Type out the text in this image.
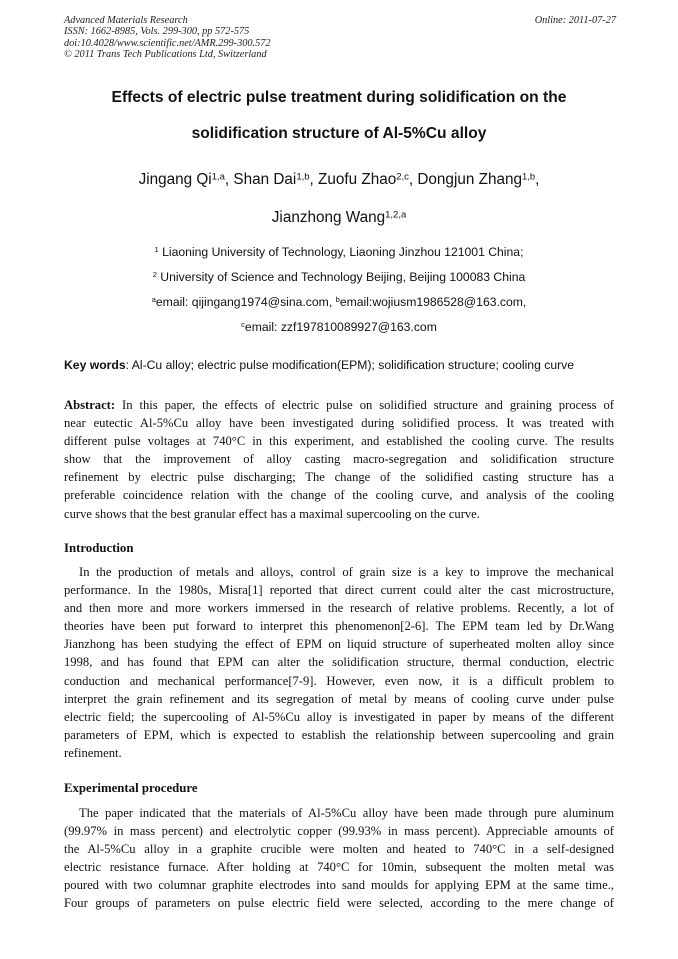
Advanced Materials Research
ISSN: 1662-8985, Vols. 299-300, pp 572-575
doi:10.4028/www.scientific.net/AMR.299-300.572
© 2011 Trans Tech Publications Ltd, Switzerland
Online: 2011-07-27
Effects of electric pulse treatment during solidification on the
solidification structure of Al-5%Cu alloy
Jingang Qi$^{1,a}$, Shan Dai$^{1,b}$, Zuofu Zhao$^{2,c}$, Dongjun Zhang$^{1,b}$,
Jianzhong Wang$^{1,2,a}$
$^1$ Liaoning University of Technology, Liaoning Jinzhou 121001 China;
$^2$ University of Science and Technology Beijing, Beijing 100083 China
$^a$email: qijingang1974@sina.com, $^b$email:wojiusm1986528@163.com,
$^c$email: zzf197810089927@163.com
Key words: Al-Cu alloy; electric pulse modification(EPM); solidification structure; cooling curve
Abstract: In this paper, the effects of electric pulse on solidified structure and graining process of
near eutectic Al-5%Cu alloy have been investigated during solidified process. It was treated with
different pulse voltages at 740°C in this experiment, and established the cooling curve. The results
show that the improvement of alloy casting macro-segregation and solidification structure
refinement by electric pulse discharging; The change of the solidified casting structure has a
preferable coincidence relation with the change of the cooling curve, and analysis of the cooling
curve shows that the best granular effect has a maximal supercooling on the curve.
Introduction
In the production of metals and alloys, control of grain size is a key to improve the mechanical
performance. In the 1980s, Misra[1] reported that direct current could alter the cast microstructure,
and then more and more workers immersed in the research of relative problems. Recently, a lot of
theories have been put forward to interpret this phenomenon[2-6]. The EPM team led by Dr.Wang
Jianzhong has been studying the effect of EPM on liquid structure of superheated molten alloy since
1998, and has found that EPM can alter the solidification structure, thermal conduction, electric
conduction and mechanical performance[7-9]. However, even now, it is a difficult problem to
interpret the grain refinement and its segregation of metal by means of cooling curve under pulse
electric field; the supercooling of Al-5%Cu alloy is investigated in paper by means of the different
parameters of EPM, which is expected to establish the relationship between supercooling and grain
refinement.
Experimental procedure
The paper indicated that the materials of Al-5%Cu alloy have been made through pure aluminum
(99.97% in mass percent) and electrolytic copper (99.93% in mass percent). Appreciable amounts of
the Al-5%Cu alloy in a graphite crucible were molten and heated to 740°C in a self-designed
electric resistance furnace. After holding at 740°C for 10min, subsequent the molten metal was
poured with two columnar graphite electrodes into sand moulds for applying EPM at the same time.,
Four groups of parameters on pulse electric field were selected, according to the mere change of
